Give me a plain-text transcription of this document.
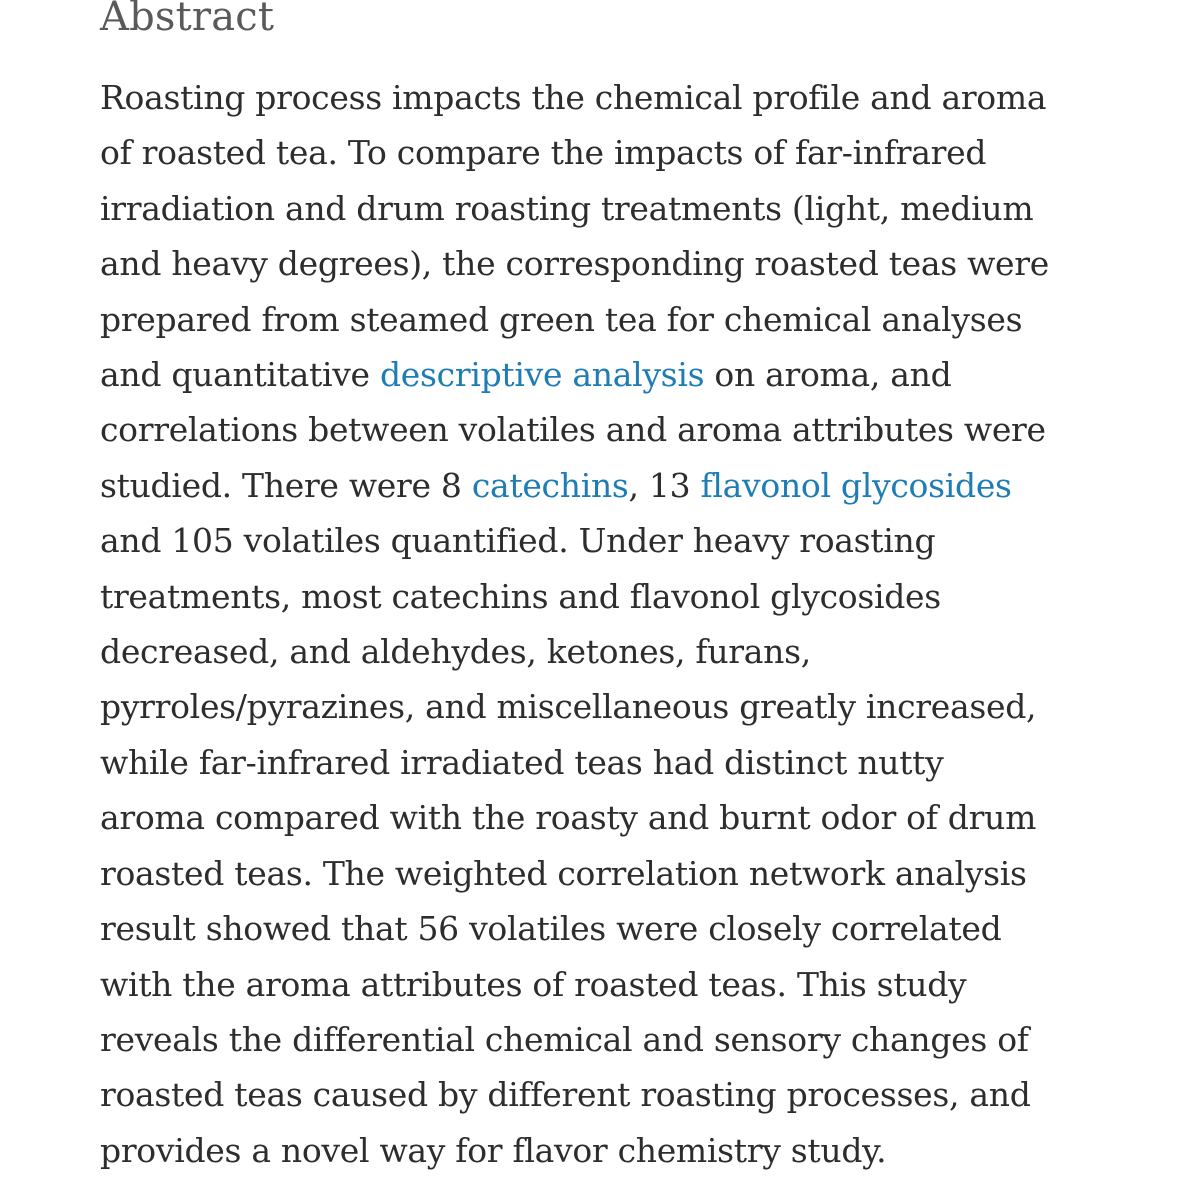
Abstract
Roasting process impacts the chemical profile and aroma
of roasted tea. To compare the impacts of far-infrared
irradiation and drum roasting treatments (light, medium
and heavy degrees), the corresponding roasted teas were
prepared from steamed green tea for chemical analyses
and quantitative descriptive analysis on aroma, and
correlations between volatiles and aroma attributes were
studied. There were 8 catechins, 13 flavonol glycosides
and 105 volatiles quantified. Under heavy roasting
treatments, most catechins and flavonol glycosides
decreased, and aldehydes, ketones, furans,
pyrroles/pyrazines, and miscellaneous greatly increased,
while far-infrared irradiated teas had distinct nutty
aroma compared with the roasty and burnt odor of drum
roasted teas. The weighted correlation network analysis
result showed that 56 volatiles were closely correlated
with the aroma attributes of roasted teas. This study
reveals the differential chemical and sensory changes of
roasted teas caused by different roasting processes, and
provides a novel way for flavor chemistry study.
